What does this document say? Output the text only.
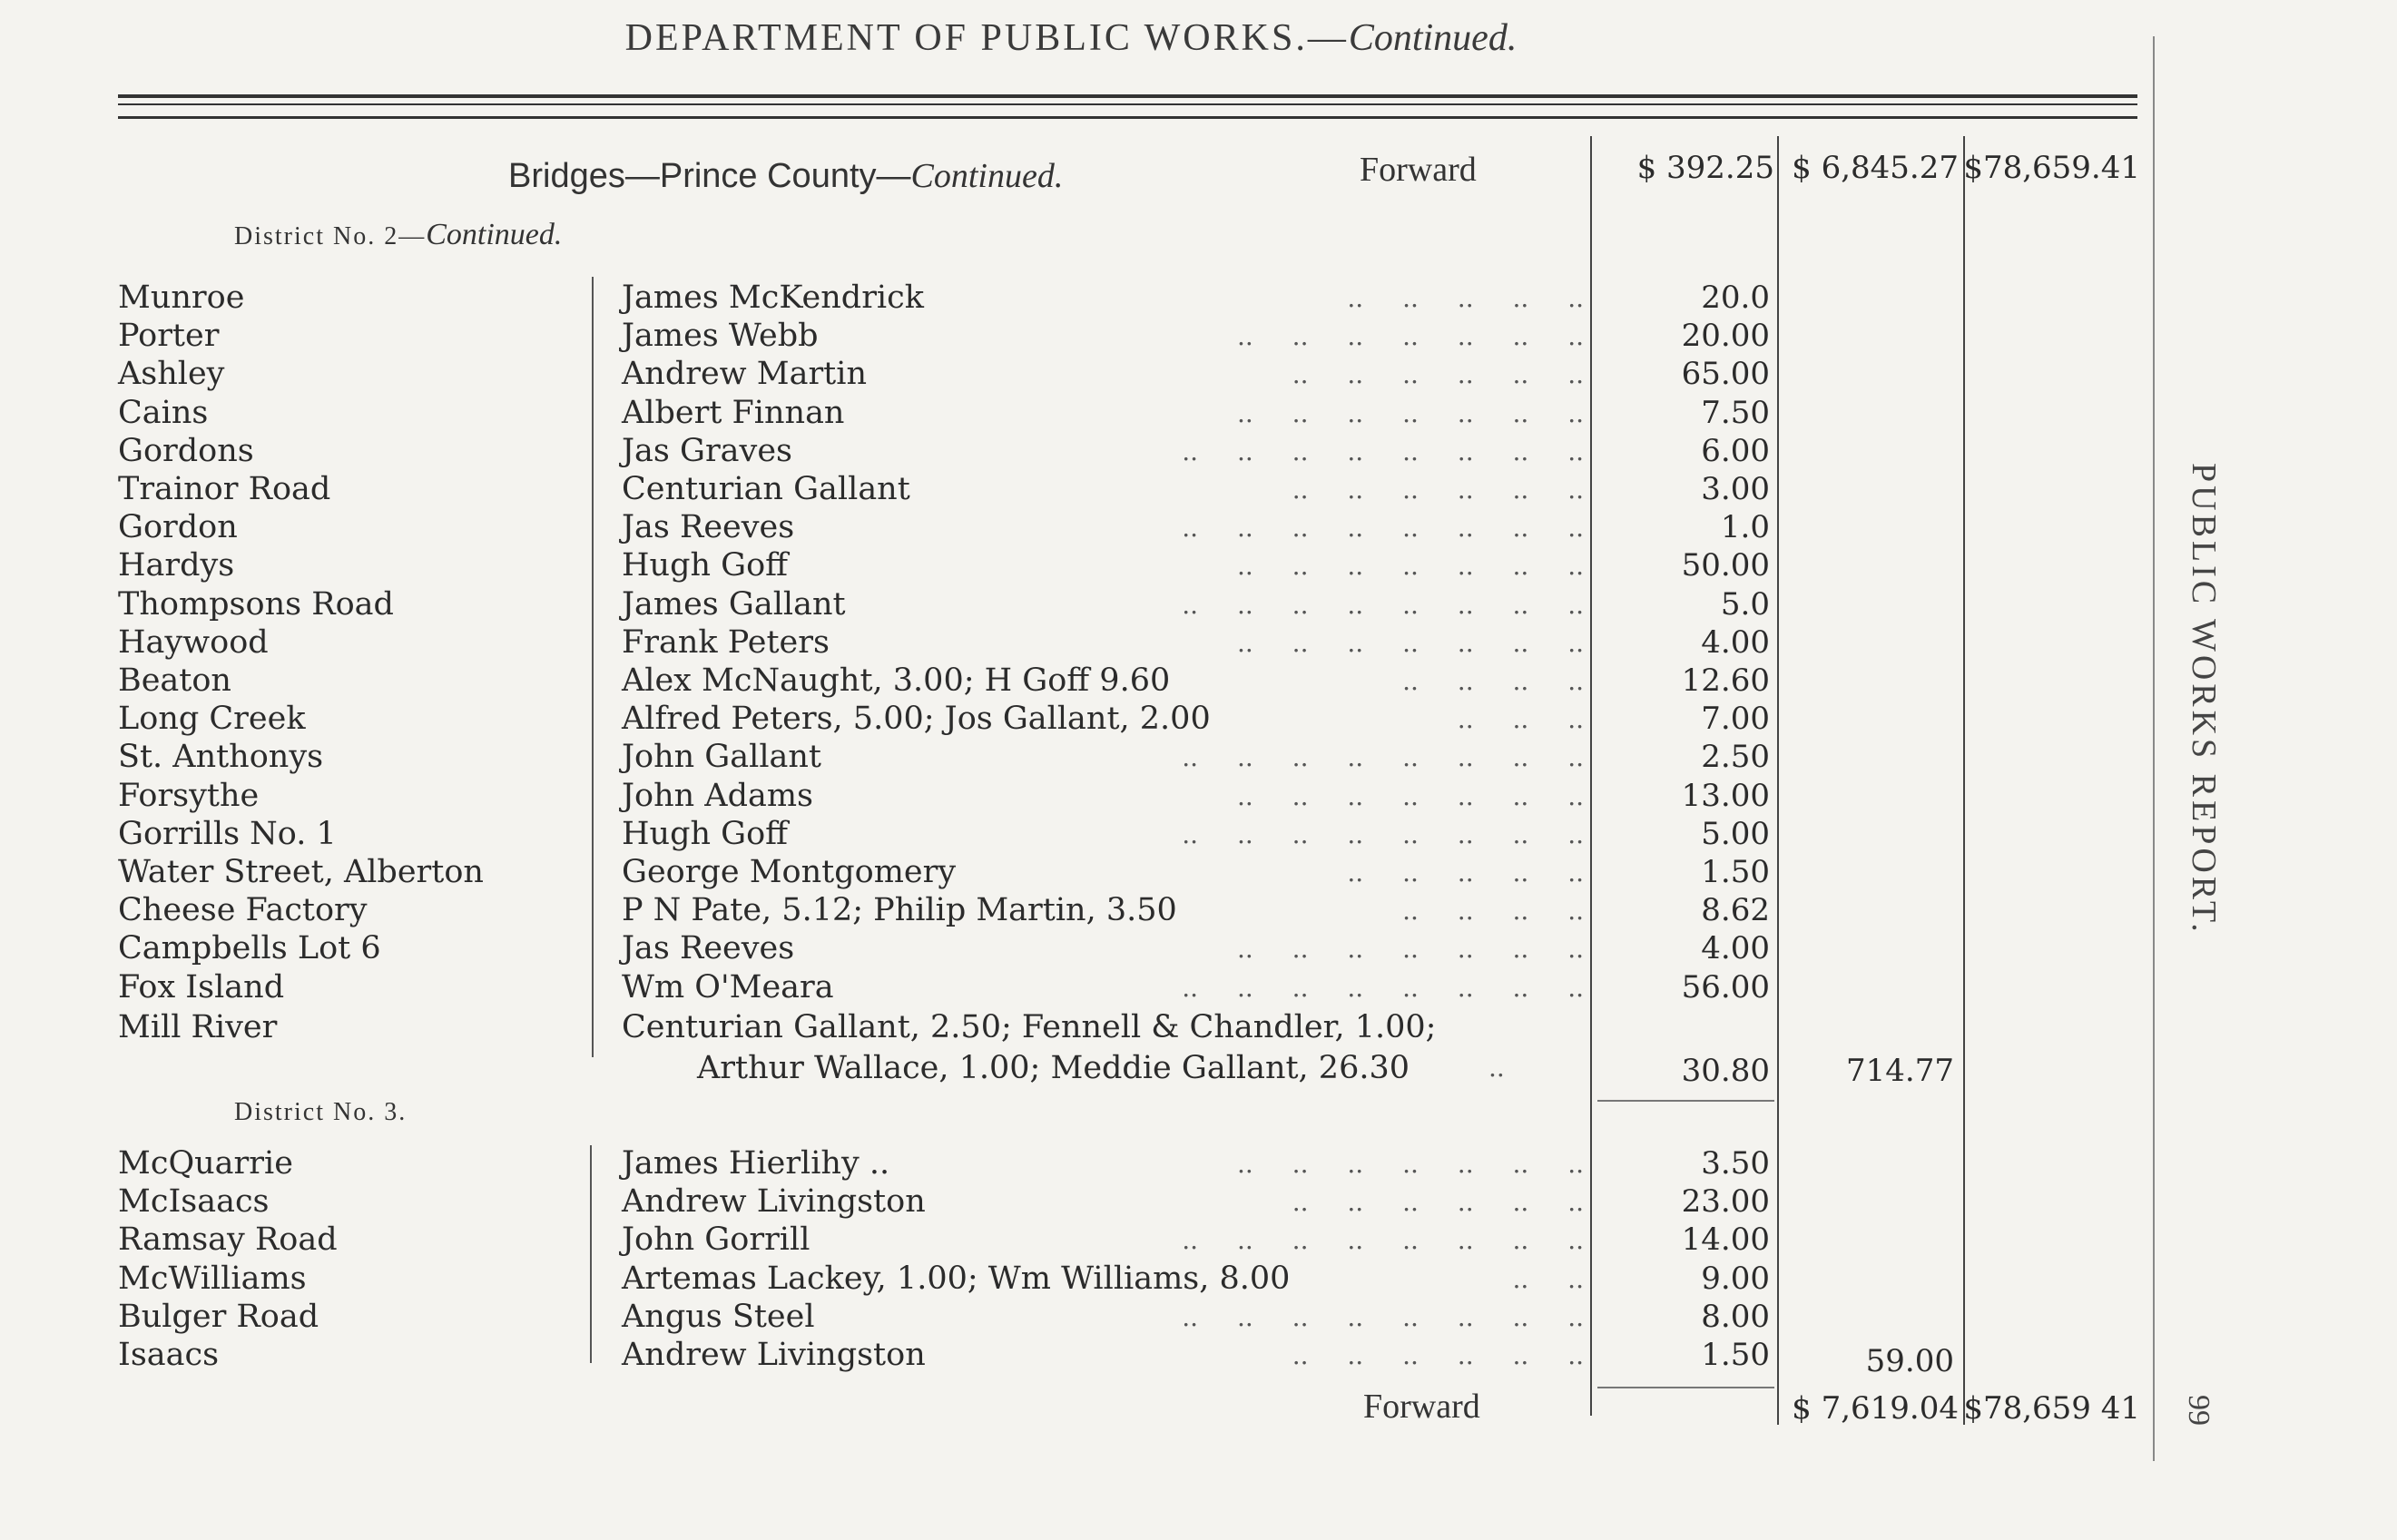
DEPARTMENT OF PUBLIC WORKS.—Continued.
Bridges—Prince County—Continued.	Forward	$ 392.25 $ 6,845.27 $78,659.41
District No. 2—Continued.
Munroe	James McKendrick	.. .. .. .. ..	20.0
Porter	James Webb	.. .. .. .. .. .. ..	20.00
Ashley	Andrew Martin	.. .. .. .. .. ..	65.00
Cains	Albert Finnan	.. .. .. .. .. .. ..	7.50
Gordons	Jas Graves	.. .. .. .. .. .. .. ..	6.00
Trainor Road	Centurian Gallant	.. .. .. .. .. ..	3.00
Gordon	Jas Reeves	.. .. .. .. .. .. .. ..	1.0
Hardys	Hugh Goff	.. .. .. .. .. .. ..	50.00
Thompsons Road	James Gallant	.. .. .. .. .. .. .. ..	5.0
Haywood	Frank Peters	.. .. .. .. .. .. ..	4.00
Beaton	Alex McNaught, 3.00; H Goff 9.60	.. .. .. ..	12.60
Long Creek	Alfred Peters, 5.00; Jos Gallant, 2.00	.. .. ..	7.00
St. Anthonys	John Gallant	.. .. .. .. .. .. .. ..	2.50
Forsythe	John Adams	.. .. .. .. .. .. ..	13.00
Gorrills No. 1	Hugh Goff	.. .. .. .. .. .. .. ..	5.00
Water Street, Alberton	George Montgomery	.. .. .. .. ..	1.50
Cheese Factory	P N Pate, 5.12; Philip Martin, 3.50	.. .. .. ..	8.62
Campbells Lot 6	Jas Reeves	.. .. .. .. .. .. ..	4.00
Fox Island	Wm O'Meara	.. .. .. .. .. .. .. ..	56.00
Mill River	Centurian Gallant, 2.50; Fennell & Chandler, 1.00;
Arthur Wallace, 1.00; Meddie Gallant, 26.30	..	30.80	714.77
District No. 3.
McQuarrie	James Hierlihy ..	.. .. .. .. .. .. ..	3.50
McIsaacs	Andrew Livingston	.. .. .. .. .. ..	23.00
Ramsay Road	John Gorrill	.. .. .. .. .. .. .. ..	14.00
McWilliams	Artemas Lackey, 1.00; Wm Williams, 8.00	.. ..	9.00
Bulger Road	Angus Steel	.. .. .. .. .. .. .. ..	8.00
Isaacs	Andrew Livingston	.. .. .. .. .. ..	1.50	59.00
Forward	$ 7,619.04 $78,659 41
PUBLIC WORKS REPORT.
99
